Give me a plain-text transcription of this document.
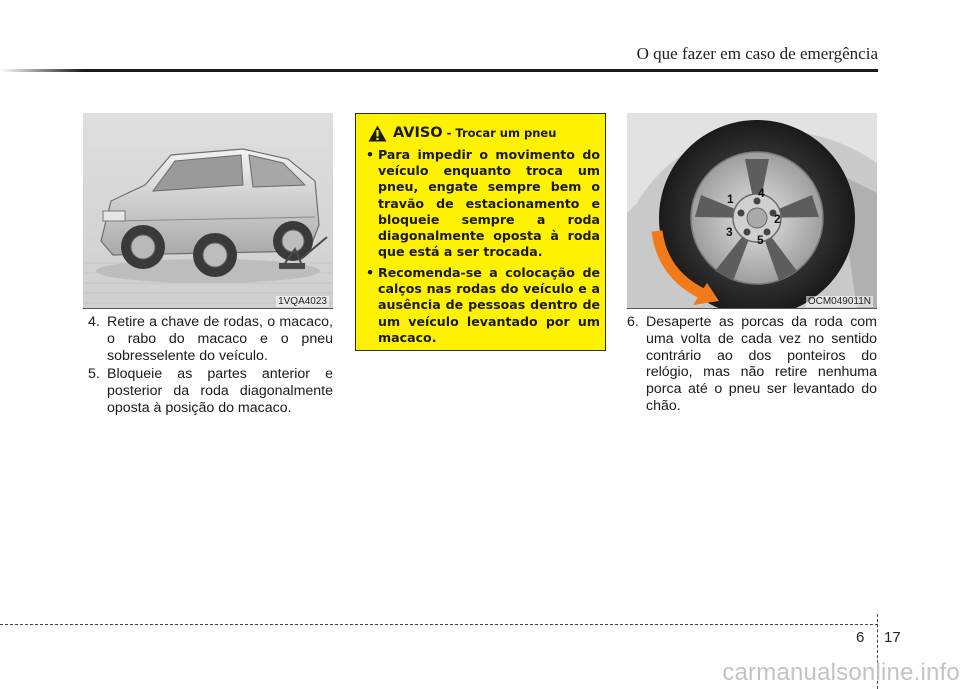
O que fazer em caso de emergência
1VQA4023
4. Retire a chave de rodas, o macaco, o rabo do macaco e o pneu sobresselente do veículo.
5. Bloqueie as partes anterior e posterior da roda diagonalmente oposta à posição do macaco.
AVISO - Trocar um pneu
• Para impedir o movimento do veículo enquanto troca um pneu, engate sempre bem o travão de estacionamento e bloqueie sempre a roda diagonalmente oposta à roda que está a ser trocada.
• Recomenda-se a colocação de calços nas rodas do veículo e a ausência de pessoas dentro de um veículo levantado por um macaco.
1
2
3
4
5
OCM049011N
6. Desaperte as porcas da roda com uma volta de cada vez no sentido contrário ao dos ponteiros do relógio, mas não retire nenhuma porca até o pneu ser levantado do chão.
6 17
carmanualsonline.info
